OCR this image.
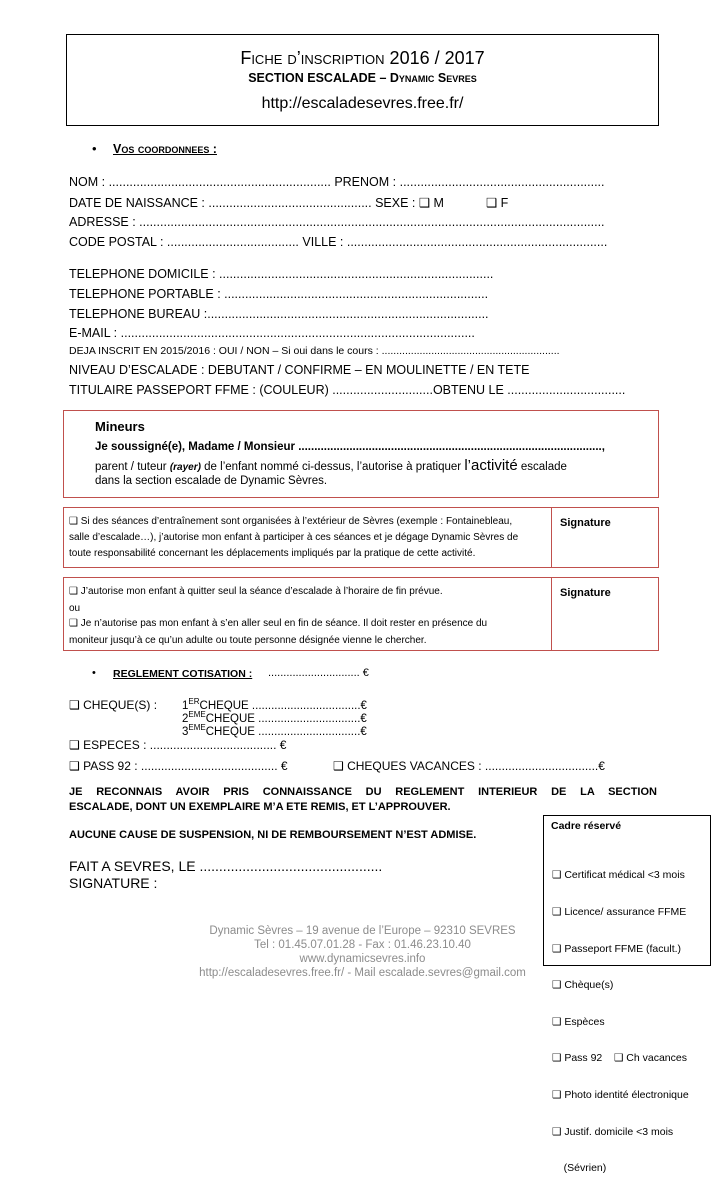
Fiche d’inscription 2016 / 2017
SECTION ESCALADE – Dynamic Sevres
http://escaladesevres.free.fr/
• Vos coordonnees :
NOM : ................................................................ PRENOM : ...........................................................
DATE DE NAISSANCE : ............................................... SEXE : ❑ M	❑ F
ADRESSE : ......................................................................................................................................
CODE POSTAL : ...................................... VILLE : ...........................................................................
TELEPHONE DOMICILE : ...............................................................................
TELEPHONE PORTABLE : ............................................................................
TELEPHONE BUREAU :.................................................................................
E-MAIL : ......................................................................................................
DEJA INSCRIT EN 2015/2016 : OUI / NON – Si oui dans le cours : .............................................................
NIVEAU D’ESCALADE : DEBUTANT / CONFIRME – EN MOULINETTE / EN TETE
TITULAIRE PASSEPORT FFME : (COULEUR) .............................OBTENU LE ..................................
Mineurs
Je soussigné(e), Madame / Monsieur ...............................................................................................,
parent / tuteur (rayer) de l’enfant nommé ci-dessus, l’autorise à pratiquer l’activité escalade
dans la section escalade de Dynamic Sèvres.
❑ Si des séances d’entraînement sont organisées à l’extérieur de Sèvres (exemple : Fontainebleau,
salle d’escalade…), j’autorise mon enfant à participer à ces séances et je dégage Dynamic Sèvres de
toute responsabilité concernant les déplacements impliqués par la pratique de cette activité.
Signature
❑ J’autorise mon enfant à quitter seul la séance d’escalade à l’horaire de fin prévue.
ou
❑ Je n’autorise pas mon enfant à s’en aller seul en fin de séance. Il doit rester en présence du
moniteur jusqu’à ce qu’un adulte ou toute personne désignée vienne le chercher.
Signature
• REGLEMENT COTISATION : .............................. €
❑ CHEQUE(S) : 1ERCHEQUE ..................................€
2EMECHEQUE ................................€
3EMECHEQUE ................................€
❑ ESPECES : ...................................... €
❑ PASS 92 : ......................................... €	❑ CHEQUES VACANCES : ..................................€
JE RECONNAIS AVOIR PRIS CONNAISSANCE DU REGLEMENT INTERIEUR DE LA SECTION
ESCALADE, DONT UN EXEMPLAIRE M’A ETE REMIS, ET L’APPROUVER.
AUCUNE CAUSE DE SUSPENSION, NI DE REMBOURSEMENT N’EST ADMISE.
FAIT A SEVRES, LE ...............................................
SIGNATURE :
Cadre réservé

❑ Certificat médical <3 mois

❑ Licence/ assurance FFME

❑ Passeport FFME (facult.)

❑ Chèque(s)

❑ Espèces

❑ Pass 92    ❑ Ch vacances

❑ Photo identité électronique

❑ Justif. domicile <3 mois

(Sévrien)

Dynamic Sèvres – 19 avenue de l’Europe – 92310 SEVRES
Tel : 01.45.07.01.28 - Fax : 01.46.23.10.40
www.dynamicsevres.info
http://escaladesevres.free.fr/ - Mail escalade.sevres@gmail.com
